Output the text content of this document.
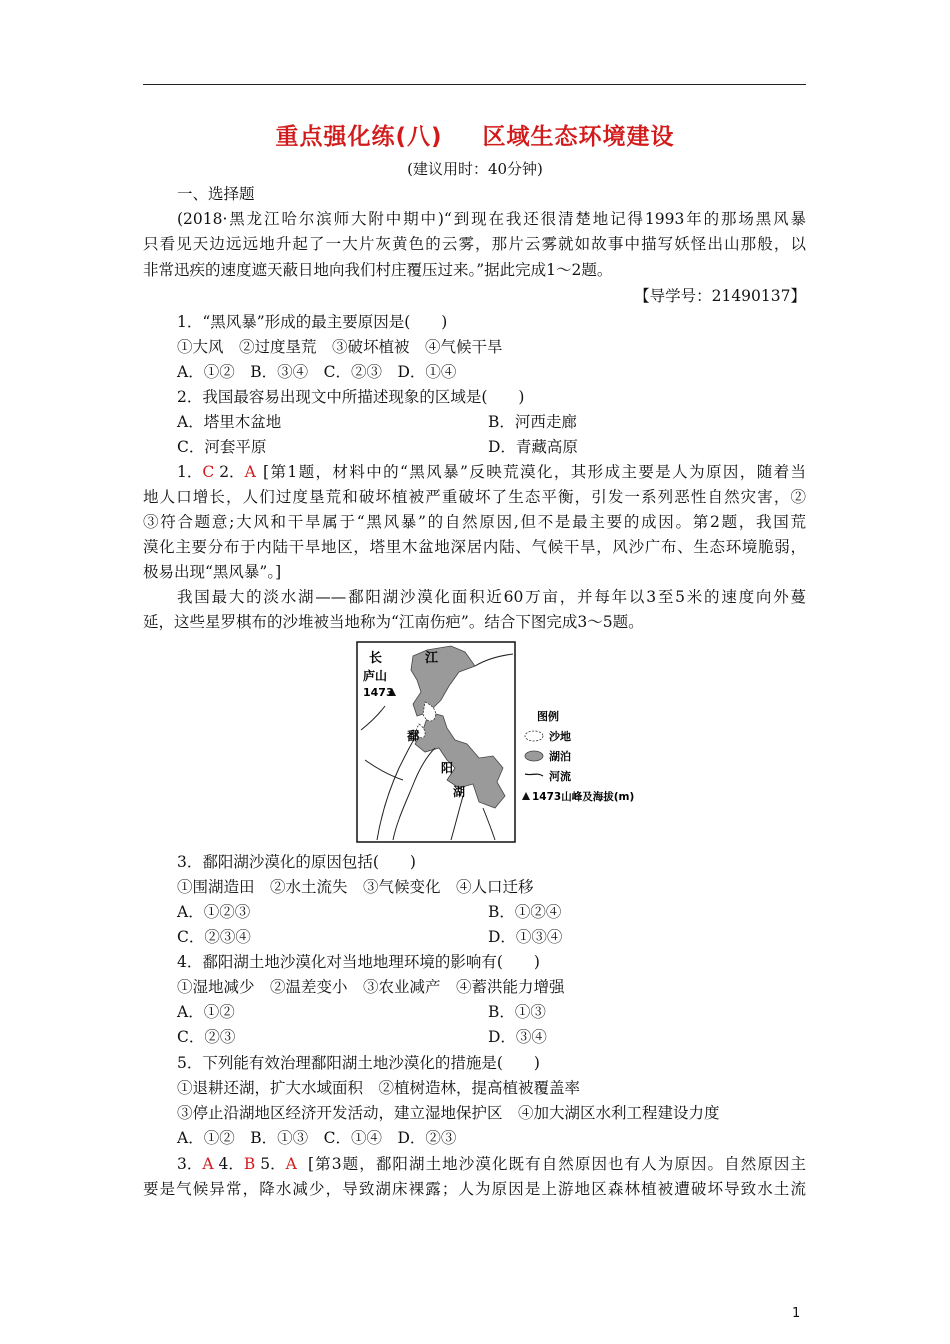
重点强化练(八) 区域生态环境建设
(建议用时：40分钟)
一、选择题
(2018·黑龙江哈尔滨师大附中期中)“到现在我还很清楚地记得1993年的那场黑风暴
只看见天边远远地升起了一大片灰黄色的云雾，那片云雾就如故事中描写妖怪出山那般，以
非常迅疾的速度遮天蔽日地向我们村庄覆压过来。”据此完成1～2题。
【导学号：21490137】
1．“黑风暴”形成的最主要原因是(　　)
①大风　②过度垦荒　③破坏植被　④气候干旱
A．①②　B．③④　C．②③　D．①④
2．我国最容易出现文中所描述现象的区域是(　　)
A．塔里木盆地	B．河西走廊
C．河套平原	D．青藏高原
1．C 2．A [第1题，材料中的“黑风暴”反映荒漠化，其形成主要是人为原因，随着当
地人口增长，人们过度垦荒和破坏植被严重破坏了生态平衡，引发一系列恶性自然灾害，②
③符合题意;大风和干旱属于“黑风暴”的自然原因,但不是最主要的成因。第2题，我国荒
漠化主要分布于内陆干旱地区，塔里木盆地深居内陆、气候干旱，风沙广布、生态环境脆弱，
极易出现“黑风暴”。]
我国最大的淡水湖——鄱阳湖沙漠化面积近60万亩，并每年以3至5米的速度向外蔓
延，这些星罗棋布的沙堆被当地称为“江南伤疤”。结合下图完成3～5题。
长	江
庐山
1473
鄱
阳
湖
图例
沙地
湖泊
河流
1473山峰及海拔(m)
3．鄱阳湖沙漠化的原因包括(　　)
①围湖造田　②水土流失　③气候变化　④人口迁移
A．①②③	B．①②④
C．②③④	D．①③④
4．鄱阳湖土地沙漠化对当地地理环境的影响有(　　)
①湿地减少　②温差变小　③农业减产　④蓄洪能力增强
A．①②	B．①③
C．②③	D．③④
5．下列能有效治理鄱阳湖土地沙漠化的措施是(　　)
①退耕还湖，扩大水域面积　②植树造林，提高植被覆盖率
③停止沿湖地区经济开发活动，建立湿地保护区　④加大湖区水利工程建设力度
A．①②　B．①③　C．①④　D．②③
3．A 4．B 5．A [第3题，鄱阳湖土地沙漠化既有自然原因也有人为原因。自然原因主
要是气候异常，降水减少，导致湖床裸露；人为原因是上游地区森林植被遭破坏导致水土流
1
